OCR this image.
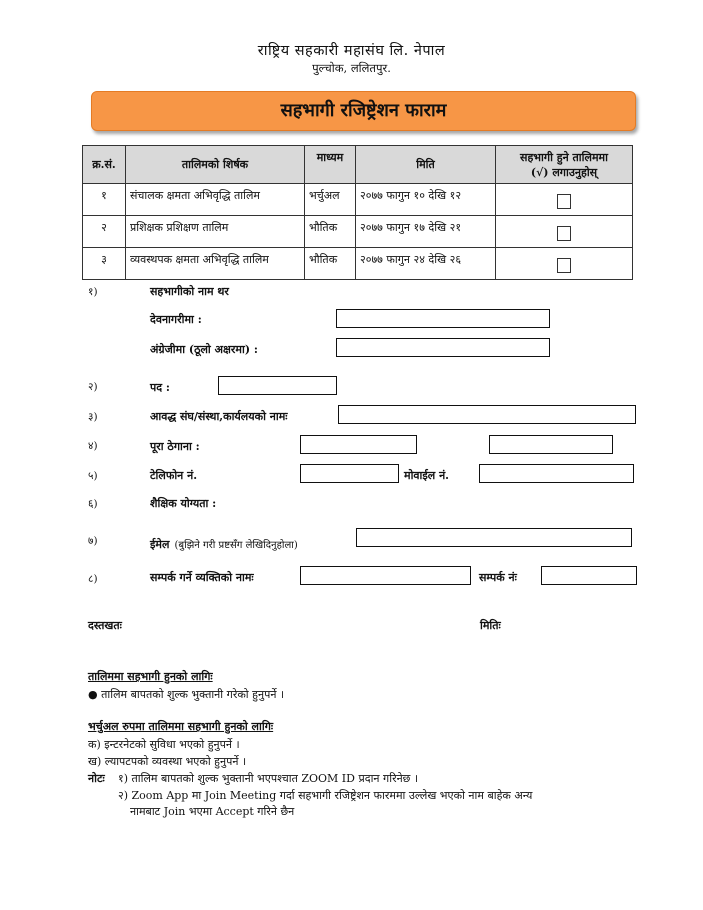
राष्ट्रिय सहकारी महासंघ लि. नेपाल
पुल्चोक, ललितपुर.
सहभागी रजिष्ट्रेशन फाराम
क्र.सं.	तालिमको शिर्षक	माध्यम	मिति	सहभागी हुने तालिममा
(√) लगाउनुहोस्

१	संचालक क्षमता अभिवृद्धि तालिम	भर्चुअल	२०७७ फागुन १० देखि १२	
२	प्रशिक्षक प्रशिक्षण तालिम	भौतिक	२०७७ फागुन १७ देखि २१	
३	व्यवस्थपक क्षमता अभिवृद्धि तालिम	भौतिक	२०७७ फागुन २४ देखि २६	
१)	सहभागीको नाम थर
देवनागरीमा :
अंग्रेजीमा (ठूलो अक्षरमा) :
२)	पद :
३)	आवद्ध संघ/संस्था,कार्यलयको नामः
४)	पूरा ठेगाना :
५)	टेलिफोन नं.	मोवाईल नं.
६)	शैक्षिक योग्यता :
७)	ईमेल (बुझिने गरी प्रष्टसँग लेखिदिनुहोला)
८)	सम्पर्क गर्ने व्यक्तिको नामः	सम्पर्क नंः
दस्तखतः	मितिः
तालिममा सहभागी हुनको लागिः
● तालिम बापतको शुल्क भुक्तानी गरेको हुनुपर्ने ।
भर्चुअल रुपमा तालिममा सहभागी हुनको लागिः
क) इन्टरनेटको सुविधा भएको हुनुपर्ने ।
ख) ल्यापटपको व्यवस्था भएको हुनुपर्ने ।
नोटः १) तालिम बापतको शुल्क भुक्तानी भएपश्चात ZOOM ID प्रदान गरिनेछ ।
२) Zoom App मा Join Meeting गर्दा सहभागी रजिष्ट्रेशन फारममा उल्लेख भएको नाम बाहेक अन्य
नामबाट Join भएमा Accept गरिने छैन
